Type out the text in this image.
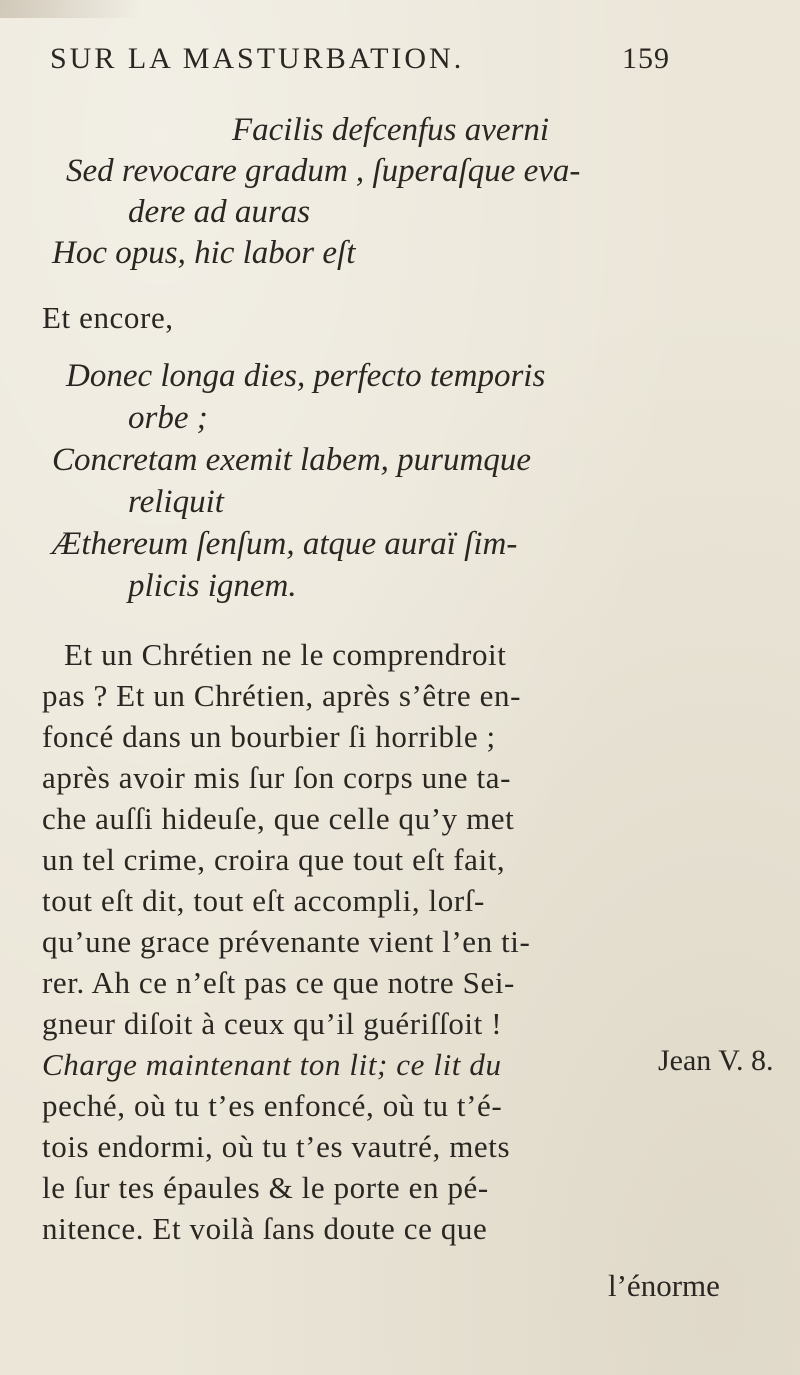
SUR LA MASTURBATION.	159
Facilis defcenfus averni
Sed revocare gradum , ſuperaſque eva-
dere ad auras
Hoc opus, hic labor eſt
Et encore,
Donec longa dies, perfecto temporis
orbe ;
Concretam exemit labem, purumque
reliquit
Æthereum ſenſum, atque auraï ſim-
plicis ignem.
Et un Chrétien ne le comprendroit
pas ? Et un Chrétien, après s’être en-
foncé dans un bourbier ſi horrible ;
après avoir mis ſur ſon corps une ta-
che auſſi hideuſe, que celle qu’y met
un tel crime, croira que tout eſt fait,
tout eſt dit, tout eſt accompli, lorſ-
qu’une grace prévenante vient l’en ti-
rer. Ah ce n’eſt pas ce que notre Sei-
gneur diſoit à ceux qu’il guériſſoit !
Charge maintenant ton lit; ce lit du
peché, où tu t’es enfoncé, où tu t’é-
tois endormi, où tu t’es vautré, mets
le ſur tes épaules & le porte en pé-
nitence. Et voilà ſans doute ce que
Jean V. 8.
l’énorme
